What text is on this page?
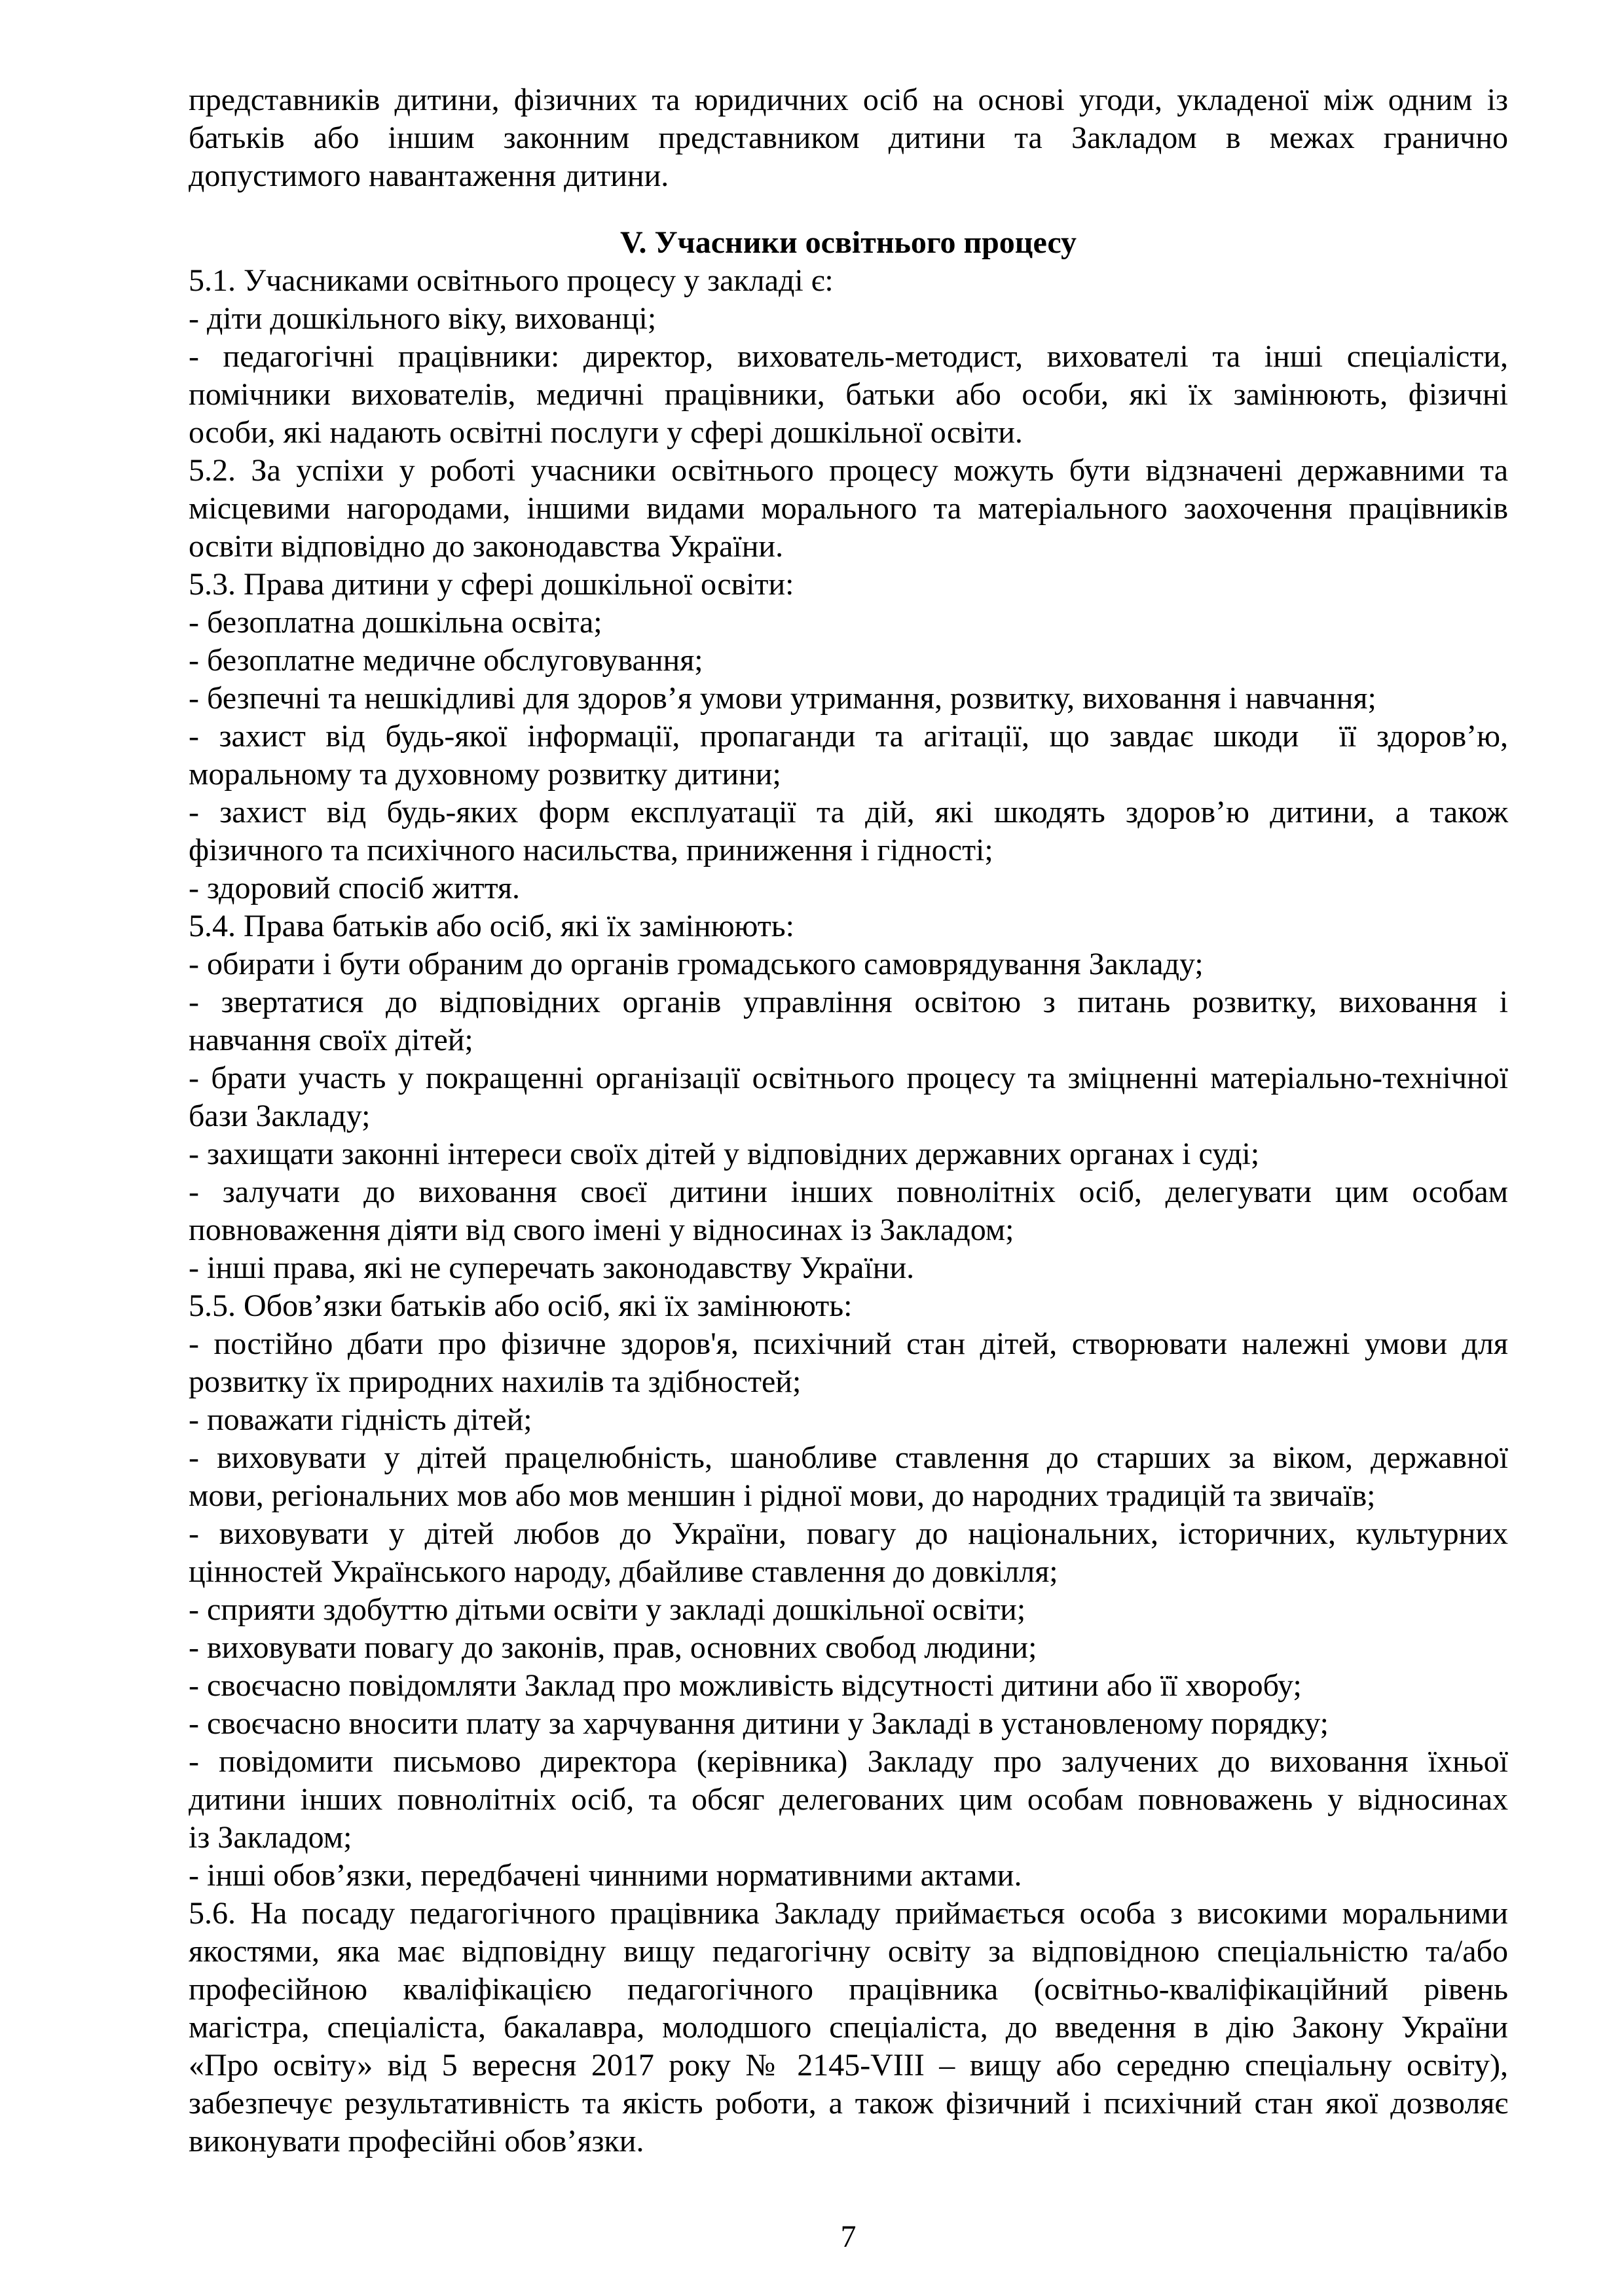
представників дитини, фізичних та юридичних осіб на основі угоди, укладеної між одним із
батьків або іншим законним представником дитини та Закладом в межах гранично
допустимого навантаження дитини.
V. Учасники освітнього процесу
5.1. Учасниками освітнього процесу у закладі є:
- діти дошкільного віку, вихованці;
- педагогічні працівники: директор, вихователь-методист, вихователі та інші спеціалісти,
помічники вихователів, медичні працівники, батьки або особи, які їх замінюють, фізичні
особи, які надають освітні послуги у сфері дошкільної освіти.
5.2. За успіхи у роботі учасники освітнього процесу можуть бути відзначені державними та
місцевими нагородами, іншими видами морального та матеріального заохочення працівників
освіти відповідно до законодавства України.
5.3. Права дитини у сфері дошкільної освіти:
- безоплатна дошкільна освіта;
- безоплатне медичне обслуговування;
- безпечні та нешкідливі для здоров’я умови утримання, розвитку, виховання і навчання;
- захист від будь-якої інформації, пропаганди та агітації, що завдає шкоди  її здоров’ю,
моральному та духовному розвитку дитини;
- захист від будь-яких форм експлуатації та дій, які шкодять здоров’ю дитини, а також
фізичного та психічного насильства, приниження і гідності;
- здоровий спосіб життя.
5.4. Права батьків або осіб, які їх замінюють:
- обирати і бути обраним до органів громадського самоврядування Закладу;
- звертатися до відповідних органів управління освітою з питань розвитку, виховання і
навчання своїх дітей;
- брати участь у покращенні організації освітнього процесу та зміцненні матеріально-технічної
бази Закладу;
- захищати законні інтереси своїх дітей у відповідних державних органах і суді;
- залучати до виховання своєї дитини інших повнолітніх осіб, делегувати цим особам
повноваження діяти від свого імені у відносинах із Закладом;
- інші права, які не суперечать законодавству України.
5.5. Обов’язки батьків або осіб, які їх замінюють:
- постійно дбати про фізичне здоров'я, психічний стан дітей, створювати належні умови для
розвитку їх природних нахилів та здібностей;
- поважати гідність дітей;
- виховувати у дітей працелюбність, шанобливе ставлення до старших за віком, державної
мови, регіональних мов або мов меншин і рідної мови, до народних традицій та звичаїв;
- виховувати у дітей любов до України, повагу до національних, історичних, культурних
цінностей Українського народу, дбайливе ставлення до довкілля;
- сприяти здобуттю дітьми освіти у закладі дошкільної освіти;
- виховувати повагу до законів, прав, основних свобод людини;
- своєчасно повідомляти Заклад про можливість відсутності дитини або її хворобу;
- своєчасно вносити плату за харчування дитини у Закладі в установленому порядку;
- повідомити письмово директора (керівника) Закладу про залучених до виховання їхньої
дитини інших повнолітніх осіб, та обсяг делегованих цим особам повноважень у відносинах
із Закладом;
- інші обов’язки, передбачені чинними нормативними актами.
5.6. На посаду педагогічного працівника Закладу приймається особа з високими моральними
якостями, яка має відповідну вищу педагогічну освіту за відповідною спеціальністю та/або
професійною кваліфікацією педагогічного працівника (освітньо-кваліфікаційний рівень
магістра, спеціаліста, бакалавра, молодшого спеціаліста, до введення в дію Закону України
«Про освіту» від 5 вересня 2017 року № 2145-VIII – вищу або середню спеціальну освіту),
забезпечує результативність та якість роботи, а також фізичний і психічний стан якої дозволяє
виконувати професійні обов’язки.
7
